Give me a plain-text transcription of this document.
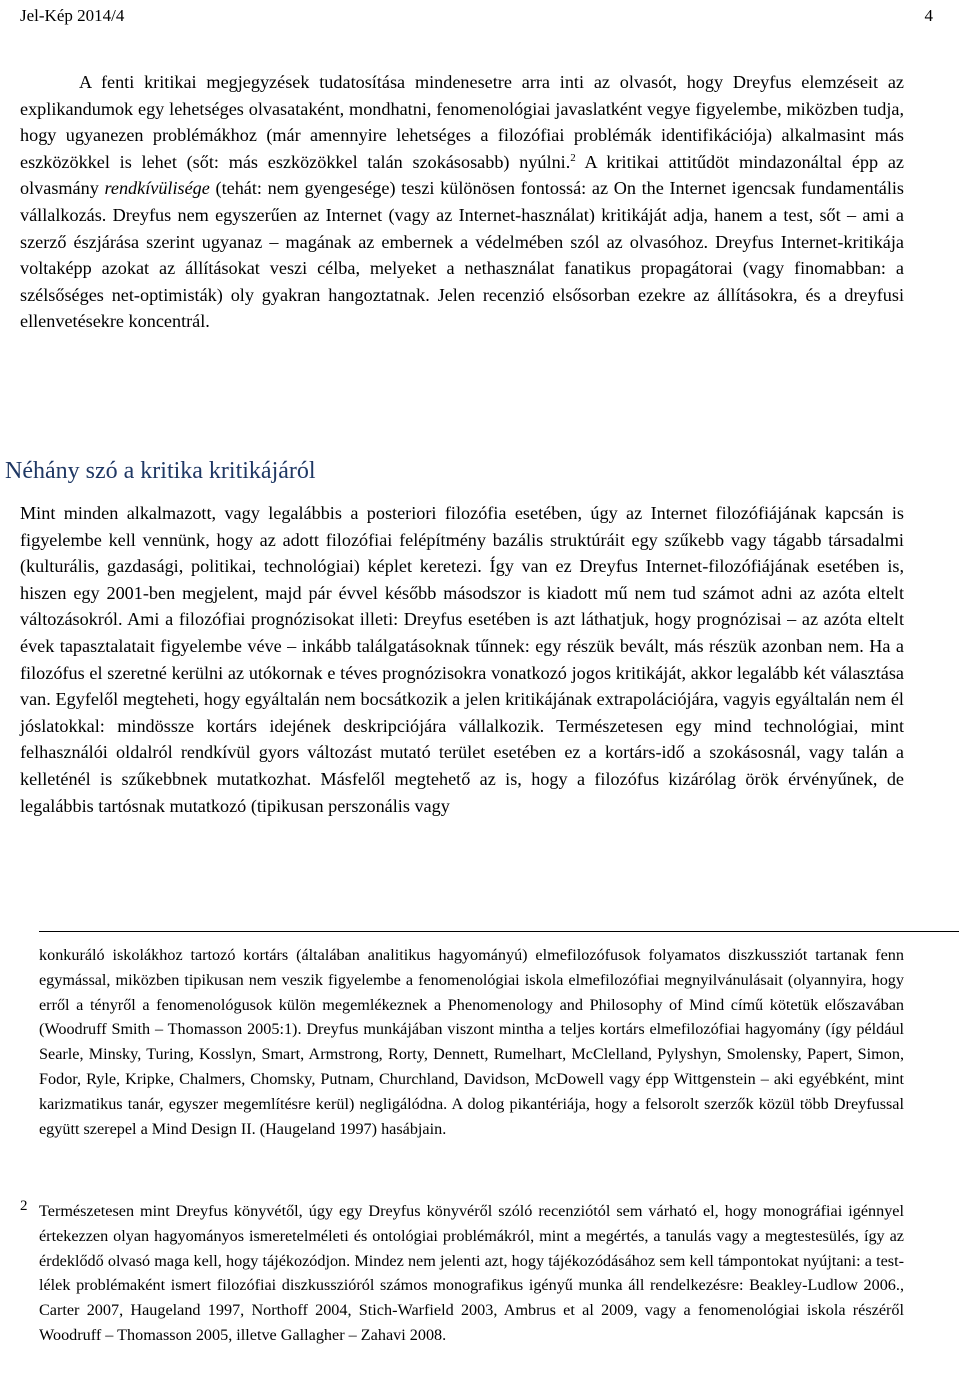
Jel-Kép 2014/4	4

A fenti kritikai megjegyzések tudatosítása mindenesetre arra inti az olvasót, hogy Dreyfus elemzéseit az explikandumok egy lehetséges olvasataként, mondhatni, fenomenológiai javaslatként vegye figyelembe, miközben tudja, hogy ugyanezen problémákhoz (már amennyire lehetséges a filozófiai problémák identifikációja) alkalmasint más eszközökkel is lehet (sőt: más eszközökkel talán szokásosabb) nyúlni.$^2$ A kritikai attitűdöt mindazonáltal épp az olvasmány rendkívülisége (tehát: nem gyengesége) teszi különösen fontossá: az On the Internet igencsak fundamentális vállalkozás. Dreyfus nem egyszerűen az Internet (vagy az Internet-használat) kritikáját adja, hanem a test, sőt – ami a szerző észjárása szerint ugyanaz – magának az embernek a védelmében szól az olvasóhoz. Dreyfus Internet-kritikája voltaképp azokat az állításokat veszi célba, melyeket a nethasználat fanatikus propagátorai (vagy finomabban: a szélsőséges net-optimisták) oly gyakran hangoztatnak. Jelen recenzió elsősorban ezekre az állításokra, és a dreyfusi ellenvetésekre koncentrál.

Néhány szó a kritika kritikájáról

Mint minden alkalmazott, vagy legalábbis a posteriori filozófia esetében, úgy az Internet filozófiájának kapcsán is figyelembe kell vennünk, hogy az adott filozófiai felépítmény bazális struktúráit egy szűkebb vagy tágabb társadalmi (kulturális, gazdasági, politikai, technológiai) képlet keretezi. Így van ez Dreyfus Internet-filozófiájának esetében is, hiszen egy 2001-ben megjelent, majd pár évvel később másodszor is kiadott mű nem tud számot adni az azóta eltelt változásokról. Ami a filozófiai prognózisokat illeti: Dreyfus esetében is azt láthatjuk, hogy prognózisai – az azóta eltelt évek tapasztalatait figyelembe véve – inkább találgatásoknak tűnnek: egy részük bevált, más részük azonban nem. Ha a filozófus el szeretné kerülni az utókornak e téves prognózisokra vonatkozó jogos kritikáját, akkor legalább két választása van. Egyfelől megteheti, hogy egyáltalán nem bocsátkozik a jelen kritikájának extrapolációjára, vagyis egyáltalán nem él jóslatokkal: mindössze kortárs idejének deskripciójára vállalkozik. Természetesen egy mind technológiai, mint felhasználói oldalról rendkívül gyors változást mutató terület esetében ez a kortárs-idő a szokásosnál, vagy talán a kelleténél is szűkebbnek mutatkozhat. Másfelől megtehető az is, hogy a filozófus kizárólag örök érvényűnek, de legalábbis tartósnak mutatkozó (tipikusan perszonális vagy

konkuráló iskolákhoz tartozó kortárs (általában analitikus hagyományú) elmefilozófusok folyamatos diszkussziót tartanak fenn egymással, miközben tipikusan nem veszik figyelembe a fenomenológiai iskola elmefilozófiai megnyilvánulásait (olyannyira, hogy erről a tényről a fenomenológusok külön megemlékeznek a Phenomenology and Philosophy of Mind című kötetük előszavában (Woodruff Smith – Thomasson 2005:1). Dreyfus munkájában viszont mintha a teljes kortárs elmefilozófiai hagyomány (így például Searle, Minsky, Turing, Kosslyn, Smart, Armstrong, Rorty, Dennett, Rumelhart, McClelland, Pylyshyn, Smolensky, Papert, Simon, Fodor, Ryle, Kripke, Chalmers, Chomsky, Putnam, Churchland, Davidson, McDowell vagy épp Wittgenstein – aki egyébként, mint karizmatikus tanár, egyszer megemlítésre kerül) negligálódna. A dolog pikantériája, hogy a felsorolt szerzők közül több Dreyfussal együtt szerepel a Mind Design II. (Haugeland 1997) hasábjain.

2 Természetesen mint Dreyfus könyvétől, úgy egy Dreyfus könyvéről szóló recenziótól sem várható el, hogy monográfiai igénnyel értekezzen olyan hagyományos ismeretelméleti és ontológiai problémákról, mint a megértés, a tanulás vagy a megtestesülés, így az érdeklődő olvasó maga kell, hogy tájékozódjon. Mindez nem jelenti azt, hogy tájékozódásához sem kell támpontokat nyújtani: a test-lélek problémaként ismert filozófiai diszkusszióról számos monografikus igényű munka áll rendelkezésre: Beakley-Ludlow 2006., Carter 2007, Haugeland 1997, Northoff 2004, Stich-Warfield 2003, Ambrus et al 2009, vagy a fenomenológiai iskola részéről Woodruff – Thomasson 2005, illetve Gallagher – Zahavi 2008.
